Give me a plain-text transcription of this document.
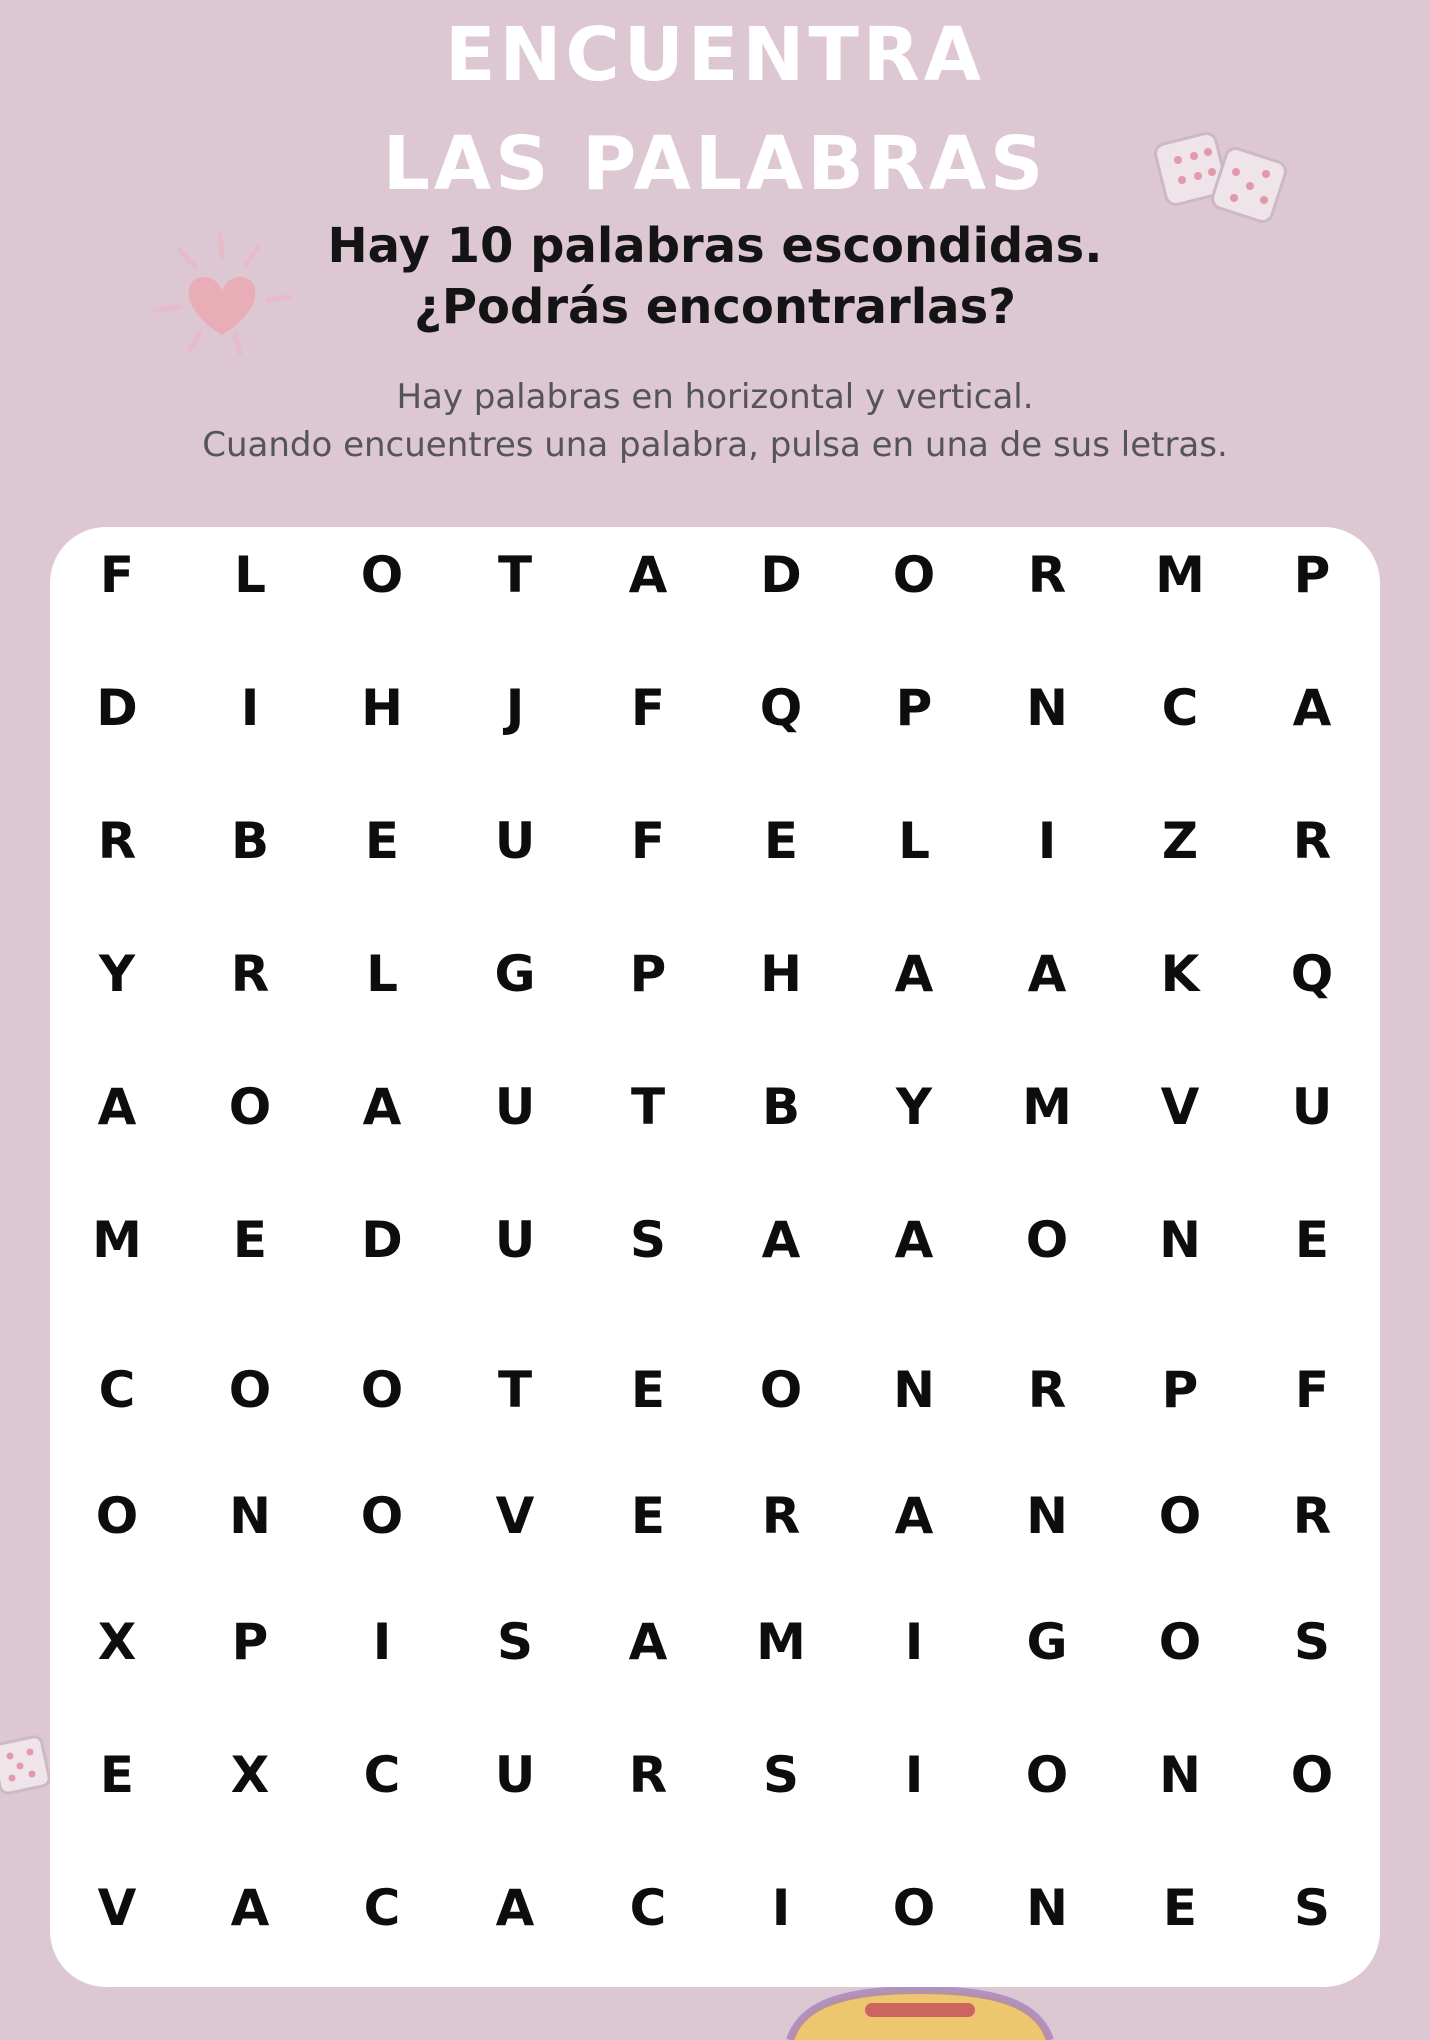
ENCUENTRA
LAS PALABRAS
Hay 10 palabras escondidas.
¿Podrás encontrarlas?

Hay palabras en horizontal y vertical.

Cuando encuentres una palabra, pulsa en una de sus letras.

F	L	O	T	A	D	O	R	M	P
D	I	H	J	F	Q	P	N	C	A
R	B	E	U	F	E	L	I	Z	R
Y	R	L	G	P	H	A	A	K	Q
A	O	A	U	T	B	Y	M	V	U
M	E	D	U	S	A	A	O	N	E
C	O	O	T	E	O	N	R	P	F
O	N	O	V	E	R	A	N	O	R
X	P	I	S	A	M	I	G	O	S
E	X	C	U	R	S	I	O	N	O
V	A	C	A	C	I	O	N	E	S
